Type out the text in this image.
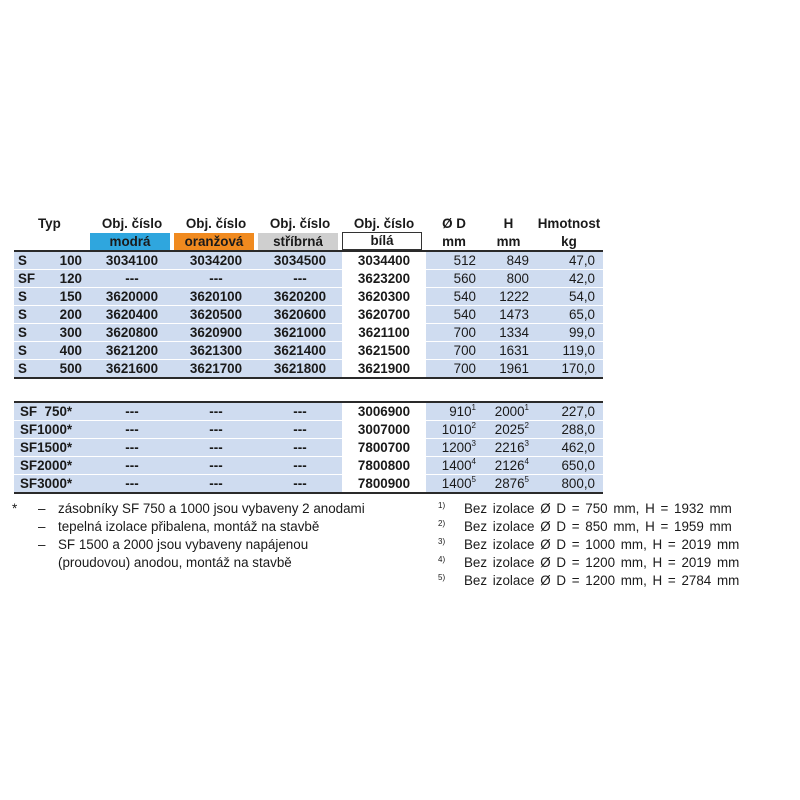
Typ	Obj. číslo	Obj. číslo	Obj. číslo	Obj. číslo	Ø D	H	Hmotnost

	modrá	oranžová	stříbrná	bílá	mm	mm	kg
S 100	3034100	3034200	3034500	3034400	512	849	47,0
SF 120	---	---	---	3623200	560	800	42,0
S 150	3620000	3620100	3620200	3620300	540	1222	54,0
S 200	3620400	3620500	3620600	3620700	540	1473	65,0
S 300	3620800	3620900	3621000	3621100	700	1334	99,0
S 400	3621200	3621300	3621400	3621500	700	1631	119,0
S 500	3621600	3621700	3621800	3621900	700	1961	170,0

SF  750*	---	---	---	3006900	910$^1$	2000$^1$	227,0
SF1000*	---	---	---	3007000	1010$^2$	2025$^2$	288,0
SF1500*	---	---	---	7800700	1200$^3$	2216$^3$	462,0
SF2000*	---	---	---	7800800	1400$^4$	2126$^4$	650,0
SF3000*	---	---	---	7800900	1400$^5$	2876$^5$	800,0
*	– zásobníky SF 750 a 1000 jsou vybaveny 2 anodami
– tepelná izolace přibalena, montáž na stavbě
– SF 1500 a 2000 jsou vybaveny napájenou
(proudovou) anodou, montáž na stavbě
1)	Bez izolace Ø D = 750 mm, H = 1932 mm
2)	Bez izolace Ø D = 850 mm, H = 1959 mm
3)	Bez izolace Ø D = 1000 mm, H = 2019 mm
4)	Bez izolace Ø D = 1200 mm, H = 2019 mm
5)	Bez izolace Ø D = 1200 mm, H = 2784 mm
